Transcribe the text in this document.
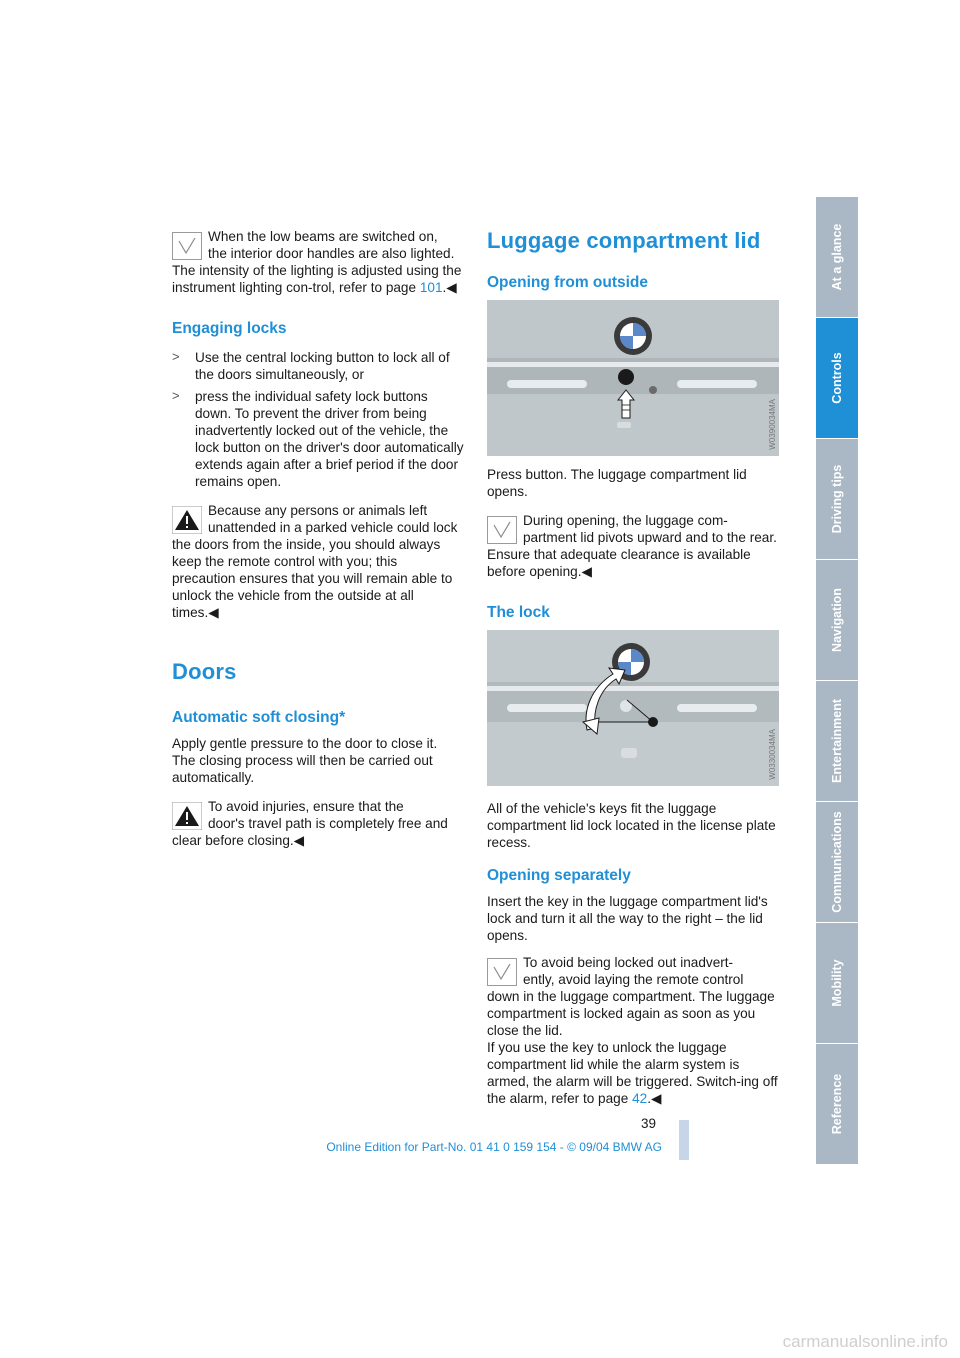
When the low beams are switched on,
the interior door handles are also lighted. The intensity of the lighting is adjusted using the instrument lighting con-trol, refer to page 101.◀

Engaging locks
>	Use the central locking button to lock all of the doors simultaneously, or

>	press the individual safety lock buttons down. To prevent the driver from being inadvertently locked out of the vehicle, the lock button on the driver's door automatically extends again after a brief period if the door remains open.

Because any persons or animals left
unattended in a parked vehicle could lock the doors from the inside, you should always keep the remote control with you; this precaution ensures that you will remain able to unlock the vehicle from the outside at all times.◀

Doors
Automatic soft closing*

Apply gentle pressure to the door to close it. The closing process will then be carried out automatically.

To avoid injuries, ensure that the
door's travel path is completely free and clear before closing.◀

Luggage compartment lid
Opening from outside
W0390034MA

Press button. The luggage compartment lid opens.

During opening, the luggage com-
partment lid pivots upward and to the rear. Ensure that adequate clearance is available before opening.◀

The lock
W0330034MA

All of the vehicle's keys fit the luggage compartment lid lock located in the license plate recess.

Opening separately

Insert the key in the luggage compartment lid's lock and turn it all the way to the right – the lid opens.

To avoid being locked out inadvert-
ently, avoid laying the remote control down in the luggage compartment. The luggage compartment is locked again as soon as you close the lid.

If you use the key to unlock the luggage compartment lid while the alarm system is armed, the alarm will be triggered. Switch-ing off the alarm, refer to page 42.◀

At a glance
Controls
Driving tips
Navigation
Entertainment
Communications
Mobility
Reference
39
Online Edition for Part-No. 01 41 0 159 154 - © 09/04 BMW AG
carmanualsonline.info
